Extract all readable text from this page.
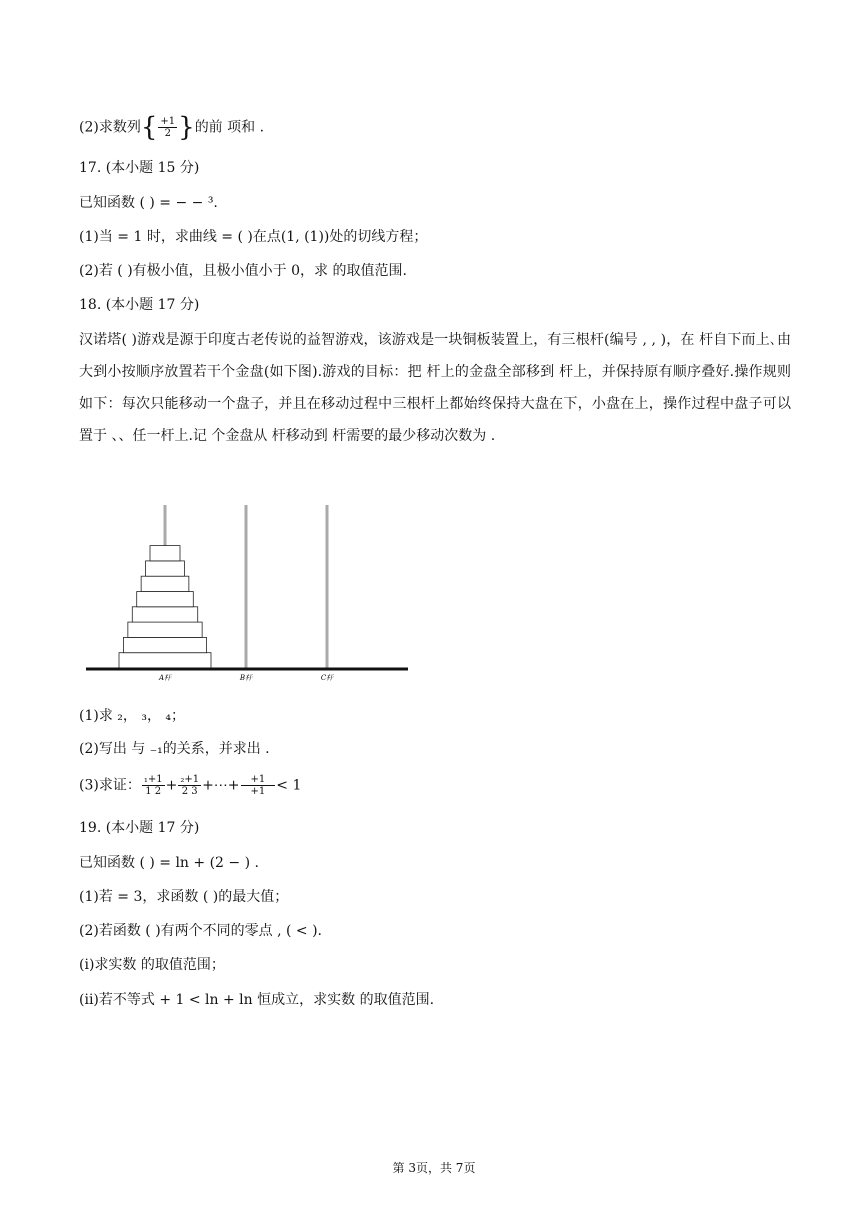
(2)求数列{ $\frac{+1}{2}$ }的前 项和 .
17. (本小题 15 分)
已知函数 ( ) = − − ³.
(1)当 = 1 时，求曲线 = ( )在点(1, (1))处的切线方程；
(2)若 ( )有极小值，且极小值小于 0，求 的取值范围.
18. (本小题 17 分)
汉诺塔( )游戏是源于印度古老传说的益智游戏，该游戏是一块铜板装置上，有三根杆(编号 , , )，在 杆自下而上､由大到小按顺序放置若干个金盘(如下图).游戏的目标：把 杆上的金盘全部移到 杆上，并保持原有顺序叠好.操作规则如下：每次只能移动一个盘子，并且在移动过程中三根杆上都始终保持大盘在下，小盘在上，操作过程中盘子可以置于 、、任一杆上.记 个金盘从 杆移动到 杆需要的最少移动次数为 .
A杆	B杆	C杆
(1)求 ₂， ₃， ₄；
(2)写出 与 ₋₁的关系，并求出 .
(3)求证： $\frac{\text{₁+1}}{1 2} + \frac{\text{₂+1}}{2 3}$ +⋯+ $\frac{+1}{+1} < 1$
19. (本小题 17 分)
已知函数 ( ) = ln + (2 − ) .
(1)若 = 3，求函数 ( )的最大值；
(2)若函数 ( )有两个不同的零点 , ( < ).
(i)求实数 的取值范围；
(ii)若不等式 + 1 < ln + ln 恒成立，求实数 的取值范围.
第 3页，共 7页
